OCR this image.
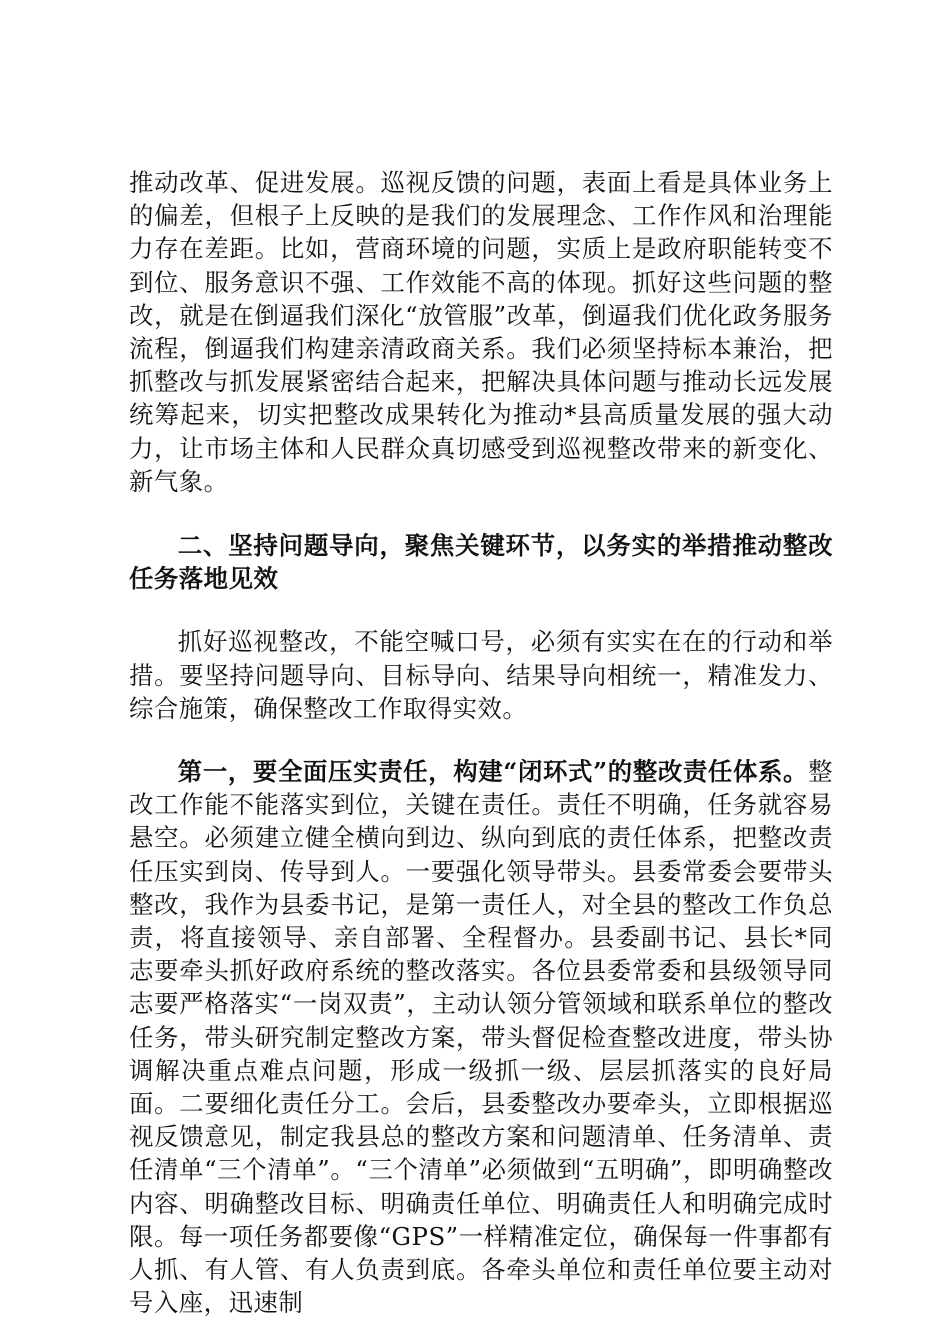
推动改革、促进发展。巡视反馈的问题，表面上看是具体业务上的偏差，但根子上反映的是我们的发展理念、工作作风和治理能力存在差距。比如，营商环境的问题，实质上是政府职能转变不到位、服务意识不强、工作效能不高的体现。抓好这些问题的整改，就是在倒逼我们深化“放管服”改革，倒逼我们优化政务服务流程，倒逼我们构建亲清政商关系。我们必须坚持标本兼治，把抓整改与抓发展紧密结合起来，把解决具体问题与推动长远发展统筹起来，切实把整改成果转化为推动*县高质量发展的强大动力，让市场主体和人民群众真切感受到巡视整改带来的新变化、新气象。

二、坚持问题导向，聚焦关键环节，以务实的举措推动整改任务落地见效

抓好巡视整改，不能空喊口号，必须有实实在在的行动和举措。要坚持问题导向、目标导向、结果导向相统一，精准发力、综合施策，确保整改工作取得实效。

第一，要全面压实责任，构建“闭环式”的整改责任体系。整改工作能不能落实到位，关键在责任。责任不明确，任务就容易悬空。必须建立健全横向到边、纵向到底的责任体系，把整改责任压实到岗、传导到人。一要强化领导带头。县委常委会要带头整改，我作为县委书记，是第一责任人，对全县的整改工作负总责，将直接领导、亲自部署、全程督办。县委副书记、县长*同志要牵头抓好政府系统的整改落实。各位县委常委和县级领导同志要严格落实“一岗双责”，主动认领分管领域和联系单位的整改任务，带头研究制定整改方案，带头督促检查整改进度，带头协调解决重点难点问题，形成一级抓一级、层层抓落实的良好局面。二要细化责任分工。会后，县委整改办要牵头，立即根据巡视反馈意见，制定我县总的整改方案和问题清单、任务清单、责任清单“三个清单”。“三个清单”必须做到“五明确”，即明确整改内容、明确整改目标、明确责任单位、明确责任人和明确完成时限。每一项任务都要像“GPS”一样精准定位，确保每一件事都有人抓、有人管、有人负责到底。各牵头单位和责任单位要主动对号入座，迅速制
